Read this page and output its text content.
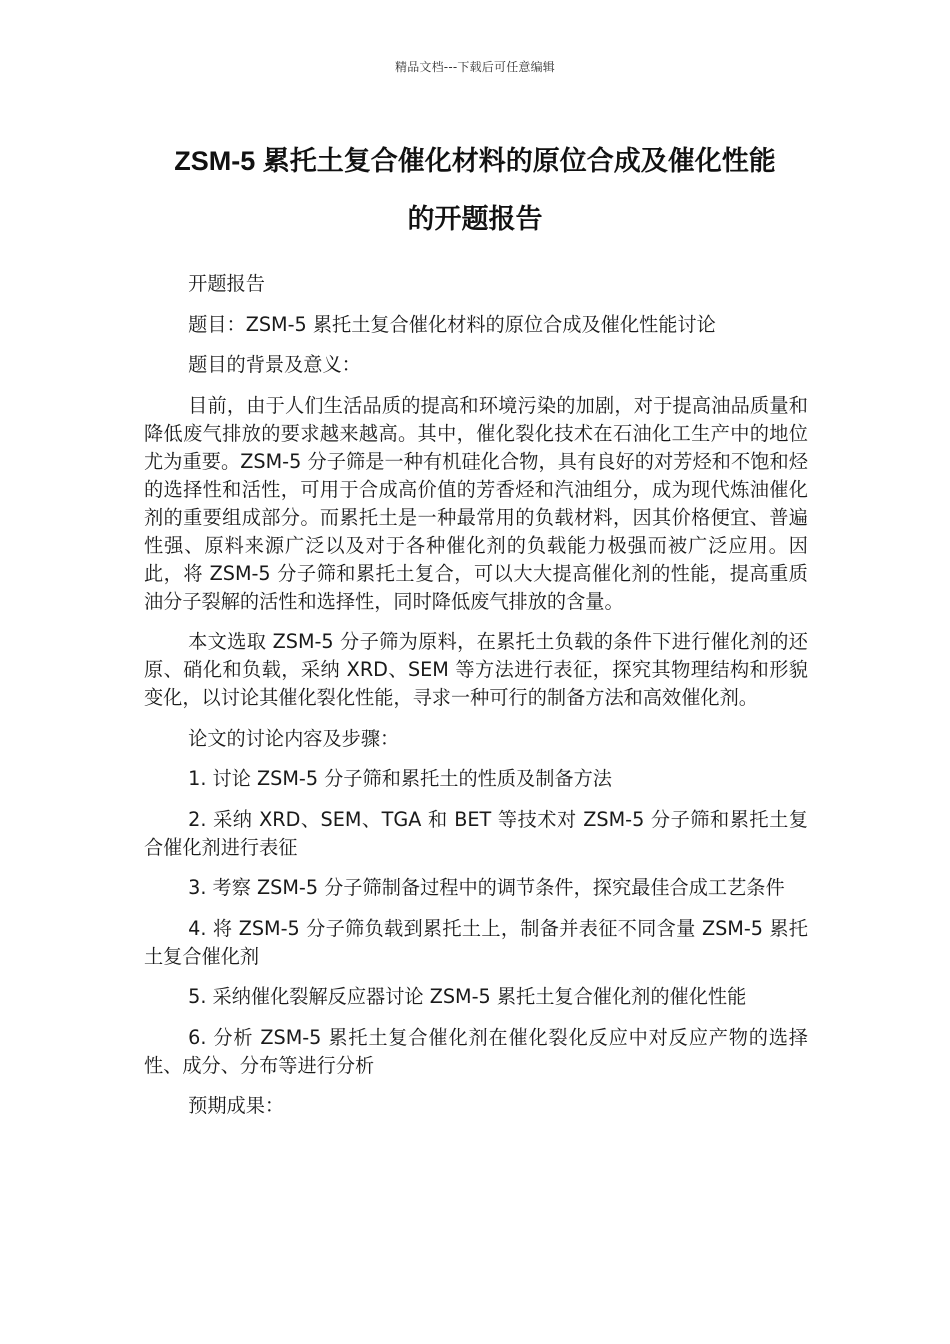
精品文档---下载后可任意编辑
ZSM-5 累托土复合催化材料的原位合成及催化性能
的开题报告

开题报告

题目：ZSM-5 累托土复合催化材料的原位合成及催化性能讨论

题目的背景及意义：

目前，由于人们生活品质的提高和环境污染的加剧，对于提高油品质量和降低废气排放的要求越来越高。其中，催化裂化技术在石油化工生产中的地位尤为重要。ZSM-5 分子筛是一种有机硅化合物，具有良好的对芳烃和不饱和烃的选择性和活性，可用于合成高价值的芳香烃和汽油组分，成为现代炼油催化剂的重要组成部分。而累托土是一种最常用的负载材料，因其价格便宜、普遍性强、原料来源广泛以及对于各种催化剂的负载能力极强而被广泛应用。因此，将 ZSM-5 分子筛和累托土复合，可以大大提高催化剂的性能，提高重质油分子裂解的活性和选择性，同时降低废气排放的含量。

本文选取 ZSM-5 分子筛为原料，在累托土负载的条件下进行催化剂的还原、硝化和负载，采纳 XRD、SEM 等方法进行表征，探究其物理结构和形貌变化，以讨论其催化裂化性能，寻求一种可行的制备方法和高效催化剂。

论文的讨论内容及步骤：

1. 讨论 ZSM-5 分子筛和累托土的性质及制备方法

2. 采纳 XRD、SEM、TGA 和 BET 等技术对 ZSM-5 分子筛和累托土复合催化剂进行表征

3. 考察 ZSM-5 分子筛制备过程中的调节条件，探究最佳合成工艺条件

4. 将 ZSM-5 分子筛负载到累托土上，制备并表征不同含量 ZSM-5 累托土复合催化剂

5. 采纳催化裂解反应器讨论 ZSM-5 累托土复合催化剂的催化性能

6. 分析 ZSM-5 累托土复合催化剂在催化裂化反应中对反应产物的选择性、成分、分布等进行分析

预期成果：
